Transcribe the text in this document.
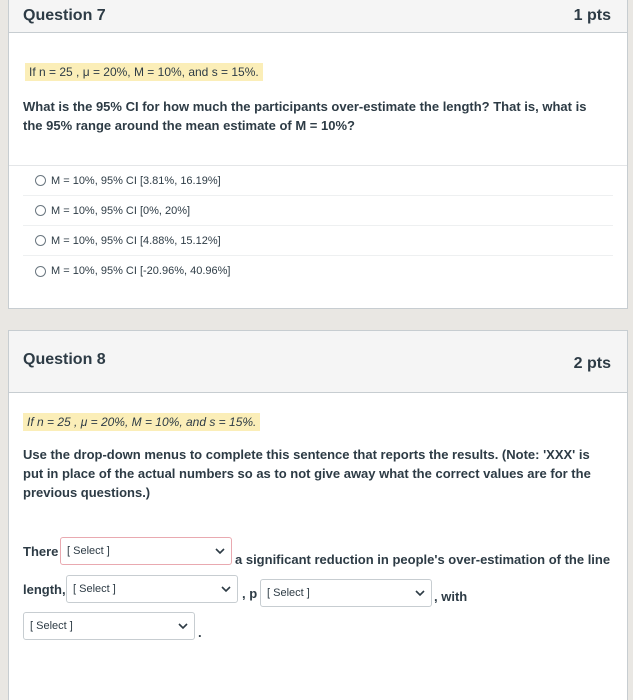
Question 7	1 pts
If n = 25 , μ = 20%, M = 10%, and s = 15%.
What is the 95% CI for how much the participants over-estimate the length? That is, what is the 95% range around the mean estimate of M = 10%?
M = 10%, 95% CI [3.81%, 16.19%]
M = 10%, 95% CI [0%, 20%]
M = 10%, 95% CI [4.88%, 15.12%]
M = 10%, 95% CI [-20.96%, 40.96%]
Question 8	2 pts
If n = 25 , μ = 20%, M = 10%, and s = 15%.
Use the drop-down menus to complete this sentence that reports the results. (Note: 'XXX' is put in place of the actual numbers so as to not give away what the correct values are for the previous questions.)
There [ Select ]
a significant reduction in people's over-estimation of the line
length, [ Select ]	, p [ Select ]	, with
[ Select ]	.
